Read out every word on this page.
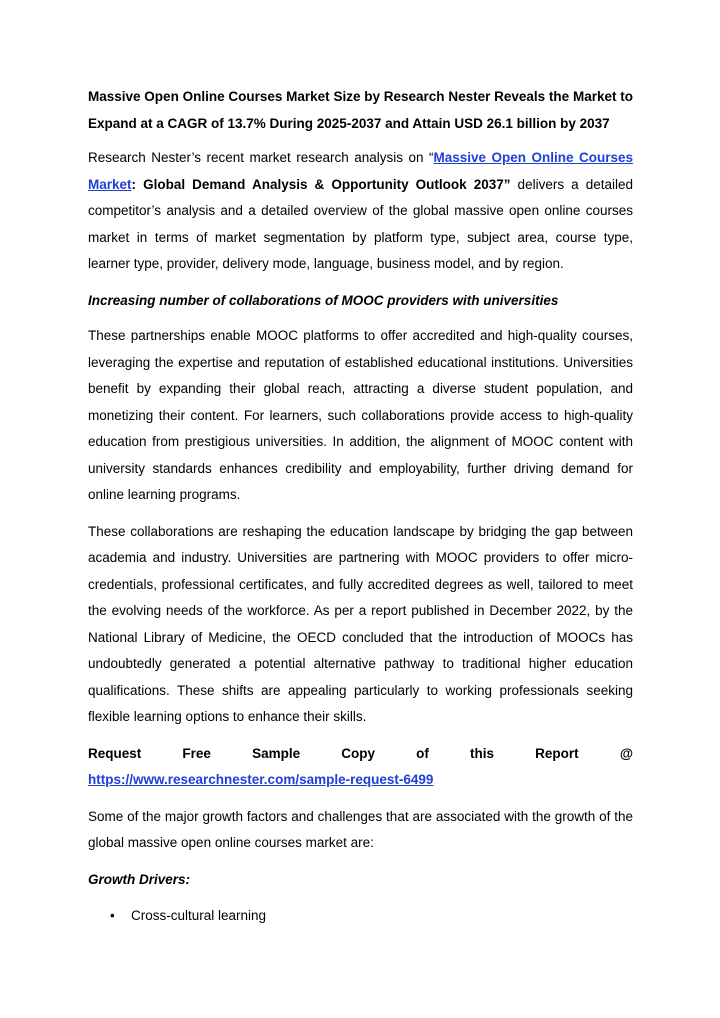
Massive Open Online Courses Market Size by Research Nester Reveals the Market to Expand at a CAGR of 13.7% During 2025-2037 and Attain USD 26.1 billion by 2037

Research Nester’s recent market research analysis on “Massive Open Online Courses Market: Global Demand Analysis & Opportunity Outlook 2037” delivers a detailed competitor’s analysis and a detailed overview of the global massive open online courses market in terms of market segmentation by platform type, subject area, course type, learner type, provider, delivery mode, language, business model, and by region.

Increasing number of collaborations of MOOC providers with universities

These partnerships enable MOOC platforms to offer accredited and high-quality courses, leveraging the expertise and reputation of established educational institutions. Universities benefit by expanding their global reach, attracting a diverse student population, and monetizing their content. For learners, such collaborations provide access to high-quality education from prestigious universities. In addition, the alignment of MOOC content with university standards enhances credibility and employability, further driving demand for online learning programs.

These collaborations are reshaping the education landscape by bridging the gap between academia and industry. Universities are partnering with MOOC providers to offer micro-credentials, professional certificates, and fully accredited degrees as well, tailored to meet the evolving needs of the workforce. As per a report published in December 2022, by the National Library of Medicine, the OECD concluded that the introduction of MOOCs has undoubtedly generated a potential alternative pathway to traditional higher education qualifications. These shifts are appealing particularly to working professionals seeking flexible learning options to enhance their skills.

Request Free Sample Copy of this Report @ https://www.researchnester.com/sample-request-6499

Some of the major growth factors and challenges that are associated with the growth of the global massive open online courses market are:

Growth Drivers:

• Cross-cultural learning
